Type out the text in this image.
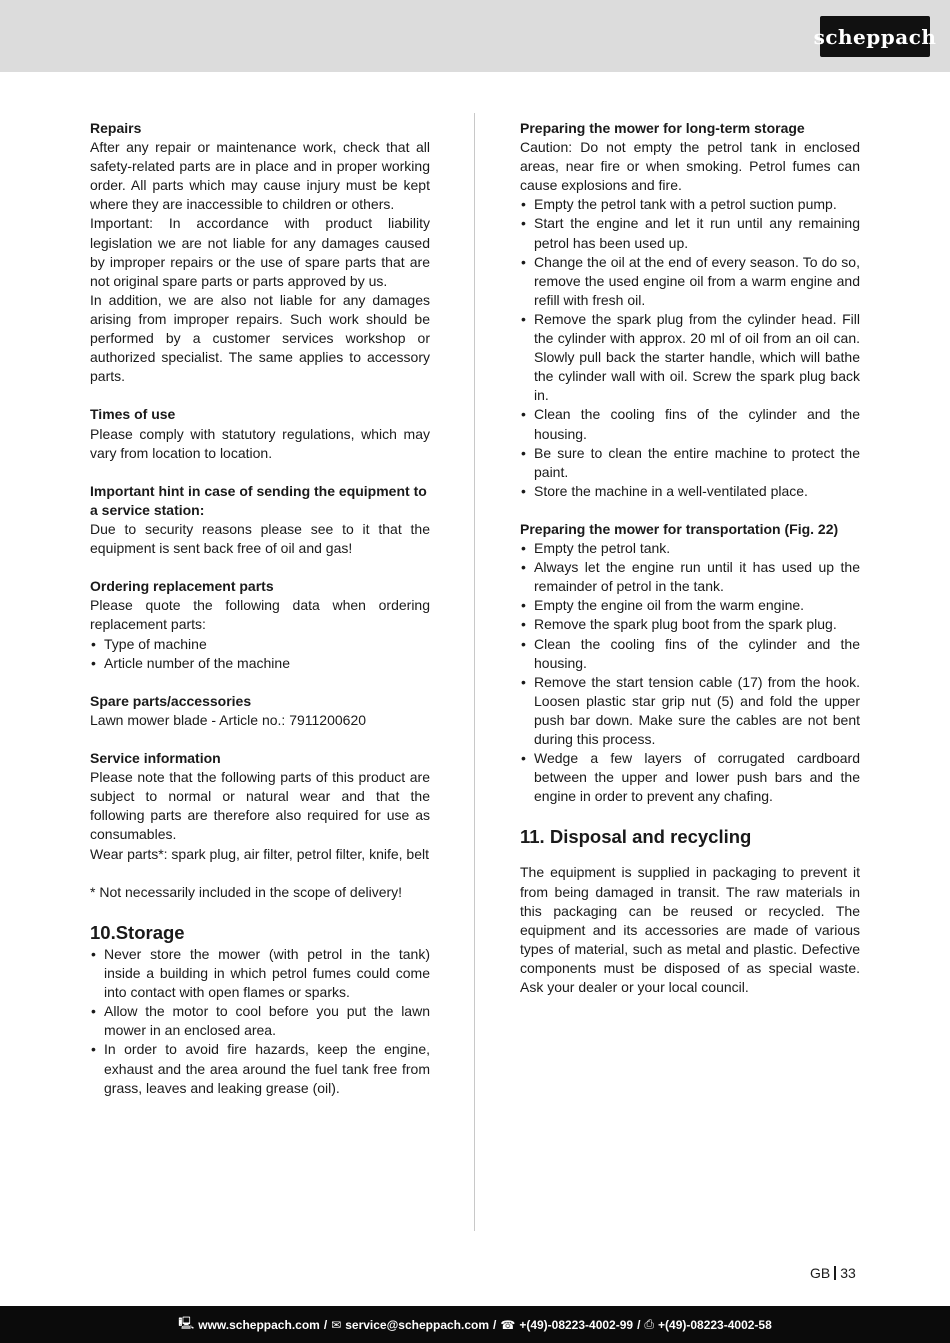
scheppach
Repairs

After any repair or maintenance work, check that all safety-related parts are in place and in proper working order. All parts which may cause injury must be kept where they are inaccessible to children or others.

Important: In accordance with product liability legislation we are not liable for any damages caused by improper repairs or the use of spare parts that are not original spare parts or parts approved by us.

In addition, we are also not liable for any damages arising from improper repairs. Such work should be performed by a customer services workshop or authorized specialist. The same applies to accessory parts.

Times of use

Please comply with statutory regulations, which may vary from location to location.

Important hint in case of sending the equipment to a service station:

Due to security reasons please see to it that the equipment is sent back free of oil and gas!

Ordering replacement parts

Please quote the following data when ordering replacement parts:

• Type of machine
• Article number of the machine
Spare parts/accessories

Lawn mower blade - Article no.: 7911200620

Service information

Please note that the following parts of this product are subject to normal or natural wear and that the following parts are therefore also required for use as consumables.

Wear parts*: spark plug, air filter, petrol filter, knife, belt

* Not necessarily included in the scope of delivery!

10.Storage
• Never store the mower (with petrol in the tank) inside a building in which petrol fumes could come into contact with open flames or sparks.
• Allow the motor to cool before you put the lawn mower in an enclosed area.
• In order to avoid fire hazards, keep the engine, exhaust and the area around the fuel tank free from grass, leaves and leaking grease (oil).
Preparing the mower for long-term storage

Caution: Do not empty the petrol tank in enclosed areas, near fire or when smoking. Petrol fumes can cause explosions and fire.

• Empty the petrol tank with a petrol suction pump.
• Start the engine and let it run until any remaining petrol has been used up.
• Change the oil at the end of every season. To do so, remove the used engine oil from a warm engine and refill with fresh oil.
• Remove the spark plug from the cylinder head. Fill the cylinder with approx. 20 ml of oil from an oil can. Slowly pull back the starter handle, which will bathe the cylinder wall with oil. Screw the spark plug back in.
• Clean the cooling fins of the cylinder and the housing.
• Be sure to clean the entire machine to protect the paint.
• Store the machine in a well-ventilated place.
Preparing the mower for transportation (Fig. 22)
• Empty the petrol tank.
• Always let the engine run until it has used up the remainder of petrol in the tank.
• Empty the engine oil from the warm engine.
• Remove the spark plug boot from the spark plug.
• Clean the cooling fins of the cylinder and the housing.
• Remove the start tension cable (17) from the hook. Loosen plastic star grip nut (5) and fold the upper push bar down. Make sure the cables are not bent during this process.
• Wedge a few layers of corrugated cardboard between the upper and lower push bars and the engine in order to prevent any chafing.
11. Disposal and recycling

The equipment is supplied in packaging to prevent it from being damaged in transit. The raw materials in this packaging can be reused or recycled. The equipment and its accessories are made of various types of material, such as metal and plastic. Defective components must be disposed of as special waste. Ask your dealer or your local council.

GB 33
🖳 www.scheppach.com / ✉ service@scheppach.com / ☎ +(49)-08223-4002-99 / ⎙ +(49)-08223-4002-58
